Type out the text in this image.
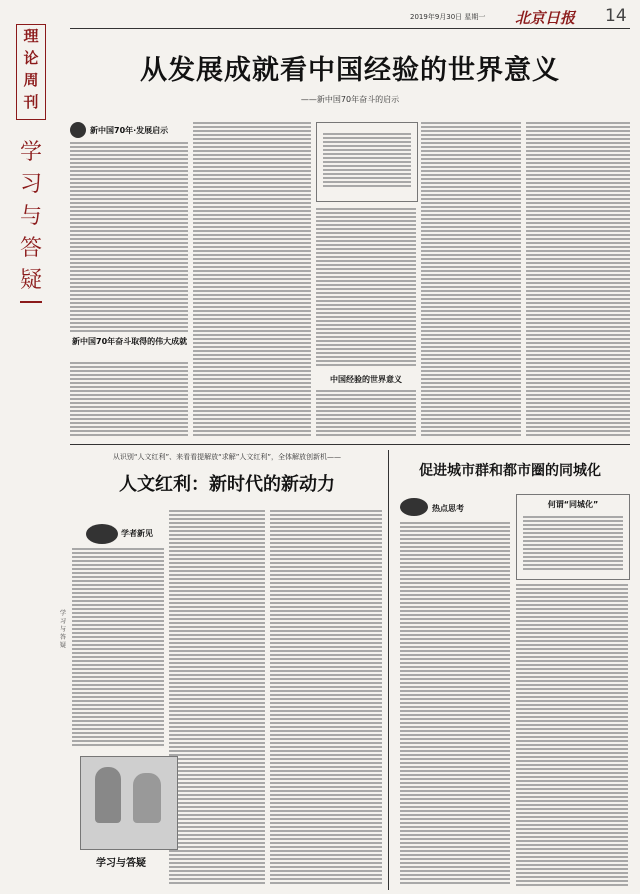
2019年9月30日 星期一 北京日报 14
理
论
周
刊
学
习
与
答
疑
从发展成就看中国经验的世界意义
——新中国70年奋斗的启示
新中国70年·发展启示
新中国70年奋斗取得的伟大成就
中国经验的世界意义
从识别“人文红利”、来看看提解放“求解”人文红利”，全体解放创新机——
人文红利：新时代的新动力
学者新见
学习与答疑
学习与答疑
促进城市群和都市圈的同城化
热点思考	何谓“同城化”
